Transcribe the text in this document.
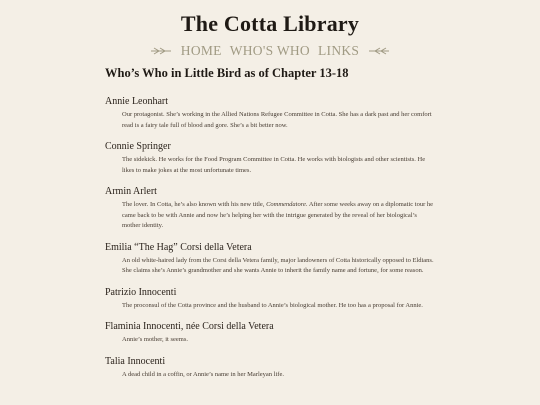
The Cotta Library
HOME WHO'S WHO LINKS
Who’s Who in Little Bird as of Chapter 13-18
Annie Leonhart

Our protagonist. She’s working in the Allied Nations Refugee Committee in Cotta. She has a dark past and her comfort read is a fairy tale full of blood and gore. She’s a bit better now.

Connie Springer

The sidekick. He works for the Food Program Committee in Cotta. He works with biologists and other scientists. He likes to make jokes at the most unfortunate times.

Armin Arlert

The lover. In Cotta, he’s also known with his new title, Commendatore. After some weeks away on a diplomatic tour he came back to be with Annie and now he’s helping her with the intrigue generated by the reveal of her biological’s mother identity.

Emilia “The Hag” Corsi della Vetera

An old white-haired lady from the Corsi della Vetera family, major landowners of Cotta historically opposed to Eldians. She claims she’s Annie’s grandmother and she wants Annie to inherit the family name and fortune, for some reason.

Patrizio Innocenti

The proconsul of the Cotta province and the husband to Annie’s biological mother. He too has a proposal for Annie.

Flaminia Innocenti, née Corsi della Vetera

Annie’s mother, it seems.

Talia Innocenti

A dead child in a coffin, or Annie’s name in her Marleyan life.
